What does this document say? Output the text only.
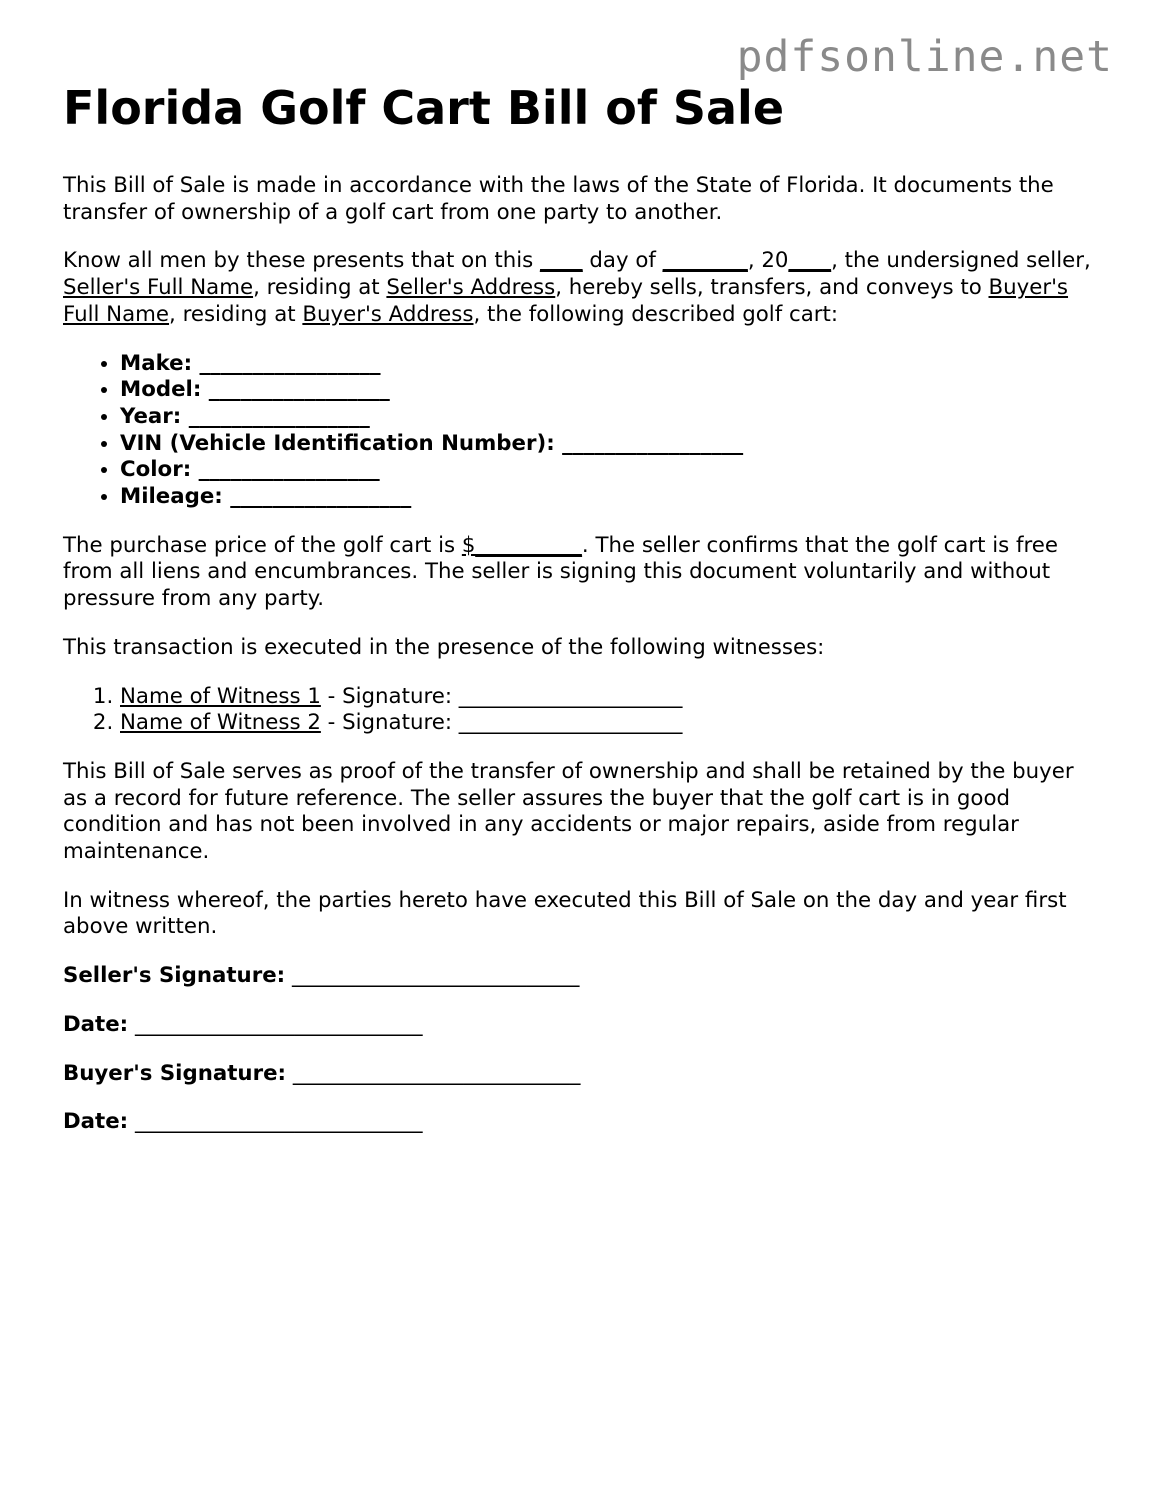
pdfsonline.net
Florida Golf Cart Bill of Sale

This Bill of Sale is made in accordance with the laws of the State of Florida. It documents the transfer of ownership of a golf cart from one party to another.

Know all men by these presents that on this ____ day of ________, 20____, the undersigned seller, Seller's Full Name, residing at Seller's Address, hereby sells, transfers, and conveys to Buyer's Full Name, residing at Buyer's Address, the following described golf cart:

• Make: _________________
• Model: _________________
• Year: _________________
• VIN (Vehicle Identification Number): _________________
• Color: _________________
• Mileage: _________________

The purchase price of the golf cart is $__________. The seller confirms that the golf cart is free from all liens and encumbrances. The seller is signing this document voluntarily and without pressure from any party.

This transaction is executed in the presence of the following witnesses:

1. Name of Witness 1 - Signature: _____________________
2. Name of Witness 2 - Signature: _____________________

This Bill of Sale serves as proof of the transfer of ownership and shall be retained by the buyer as a record for future reference. The seller assures the buyer that the golf cart is in good condition and has not been involved in any accidents or major repairs, aside from regular maintenance.

In witness whereof, the parties hereto have executed this Bill of Sale on the day and year first above written.

Seller's Signature: ___________________________
Date: ___________________________
Buyer's Signature: ___________________________
Date: ___________________________
